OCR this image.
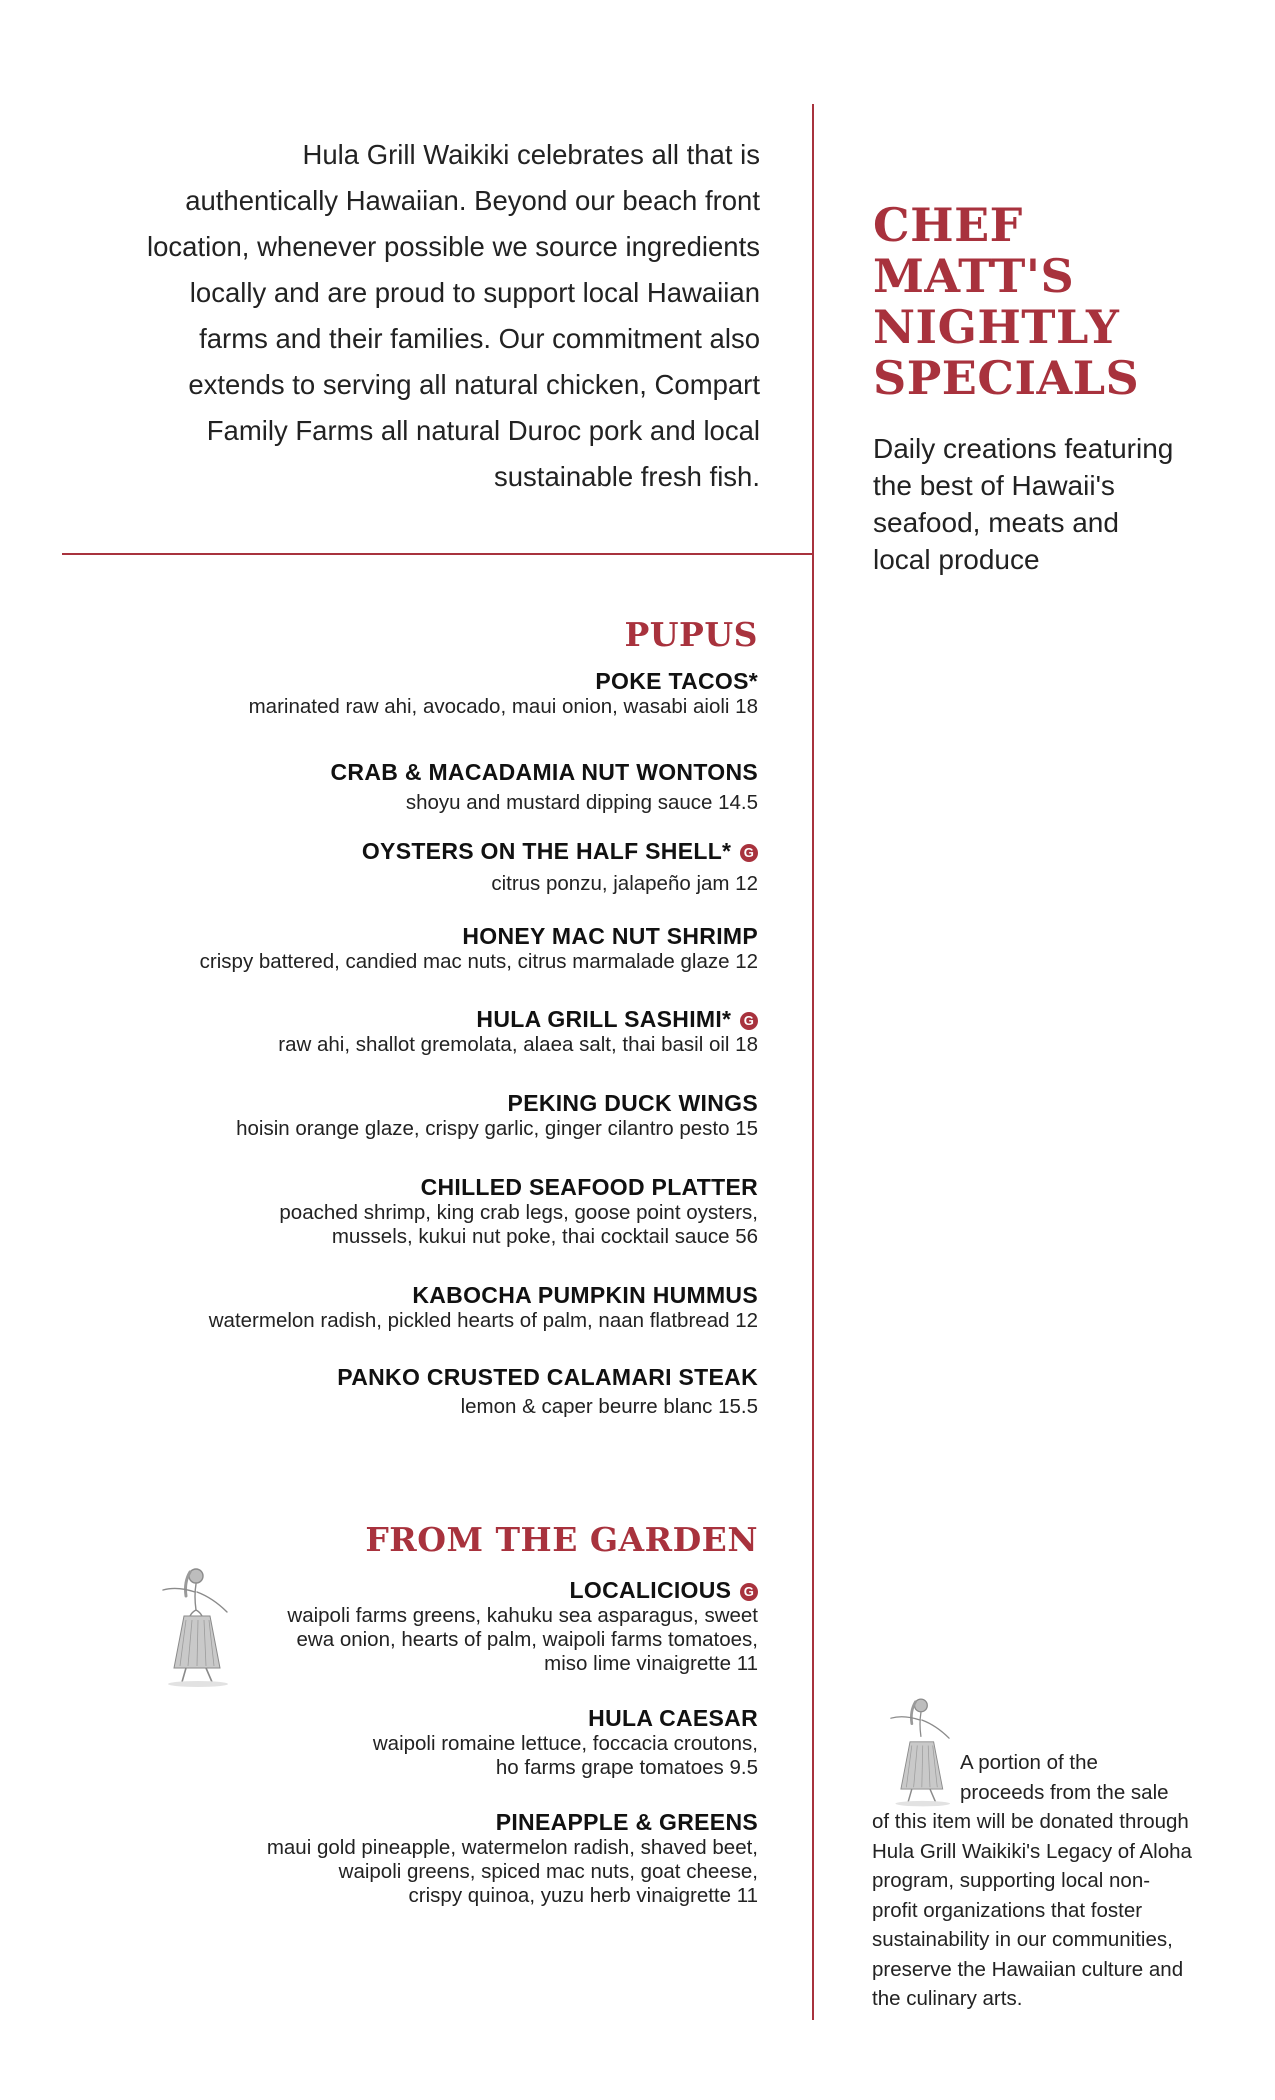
Hula Grill Waikiki celebrates all that is
authentically Hawaiian. Beyond our beach front
location, whenever possible we source ingredients
locally and are proud to support local Hawaiian
farms and their families. Our commitment also
extends to serving all natural chicken, Compart
Family Farms all natural Duroc pork and local
sustainable fresh fish.
CHEF MATT'S
NIGHTLY
SPECIALS
Daily creations featuring
the best of Hawaii's
seafood, meats and
local produce
PUPUS
POKE TACOS*
marinated raw ahi, avocado, maui onion, wasabi aioli 18
CRAB & MACADAMIA NUT WONTONS
shoyu and mustard dipping sauce 14.5
OYSTERS ON THE HALF SHELL* G
citrus ponzu, jalapeño jam 12
HONEY MAC NUT SHRIMP
crispy battered, candied mac nuts, citrus marmalade glaze 12
HULA GRILL SASHIMI* G
raw ahi, shallot gremolata, alaea salt, thai basil oil 18
PEKING DUCK WINGS
hoisin orange glaze, crispy garlic, ginger cilantro pesto 15
CHILLED SEAFOOD PLATTER
poached shrimp, king crab legs, goose point oysters,
mussels, kukui nut poke, thai cocktail sauce 56
KABOCHA PUMPKIN HUMMUS
watermelon radish, pickled hearts of palm, naan flatbread 12
PANKO CRUSTED CALAMARI STEAK
lemon & caper beurre blanc 15.5
FROM THE GARDEN
LOCALICIOUS G
waipoli farms greens, kahuku sea asparagus, sweet
ewa onion, hearts of palm, waipoli farms tomatoes,
miso lime vinaigrette 11
HULA CAESAR
waipoli romaine lettuce, foccacia croutons,
ho farms grape tomatoes 9.5
PINEAPPLE & GREENS
maui gold pineapple, watermelon radish, shaved beet,
waipoli greens, spiced mac nuts, goat cheese,
crispy quinoa, yuzu herb vinaigrette 11
A portion of the
proceeds from the sale
of this item will be donated through
Hula Grill Waikiki's Legacy of Aloha
program, supporting local non-
profit organizations that foster
sustainability in our communities,
preserve the Hawaiian culture and
the culinary arts.
